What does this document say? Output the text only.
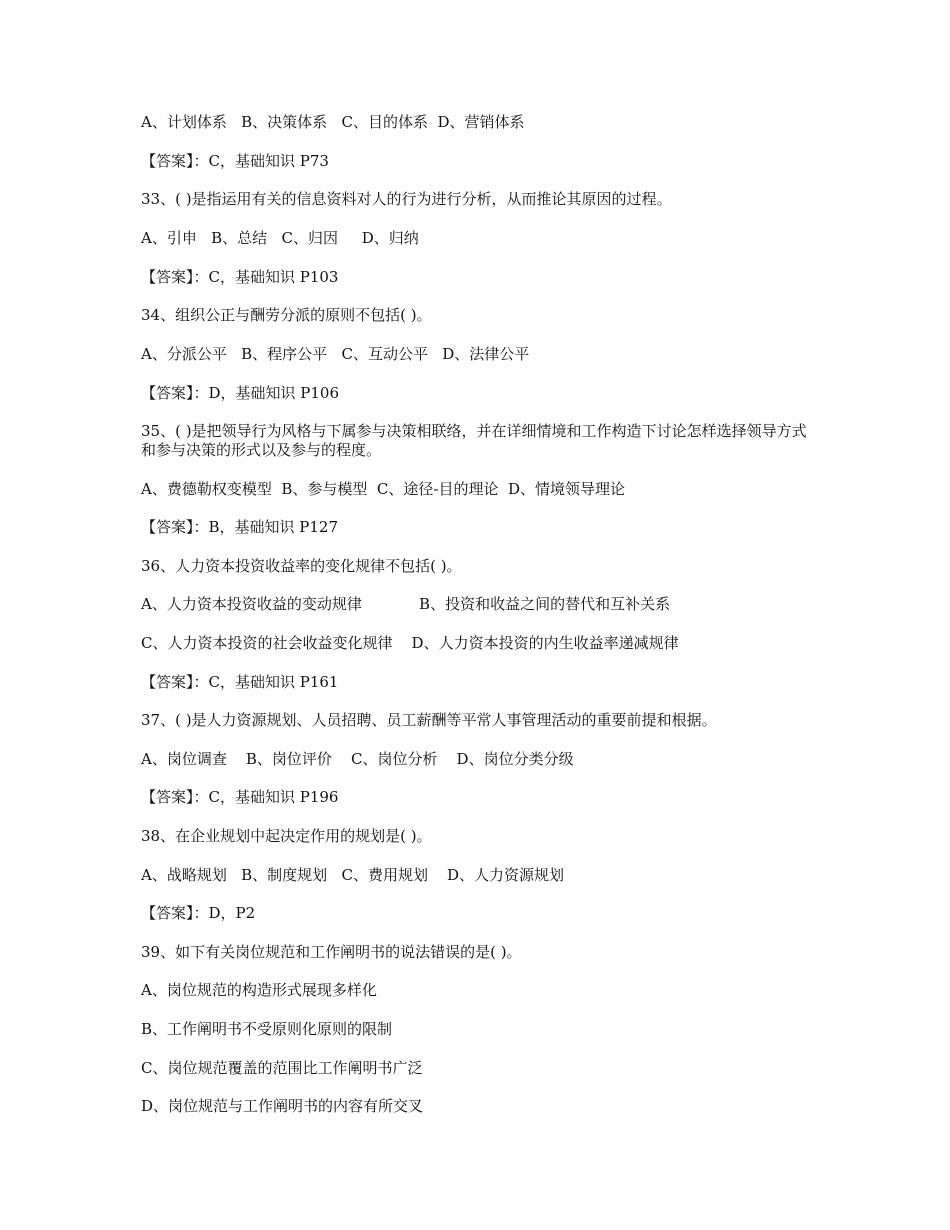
A、计划体系   B、决策体系   C、目的体系  D、营销体系
【答案】：C，基础知识 P73
33、( )是指运用有关的信息资料对人的行为进行分析，从而推论其原因的过程。
A、引申   B、总结   C、归因     D、归纳
【答案】：C，基础知识 P103
34、组织公正与酬劳分派的原则不包括( )。
A、分派公平   B、程序公平   C、互动公平   D、法律公平
【答案】：D，基础知识 P106
35、( )是把领导行为风格与下属参与决策相联络，并在详细情境和工作构造下讨论怎样选择领导方式和参与决策的形式以及参与的程度。
A、费德勒权变模型  B、参与模型  C、途径-目的理论  D、情境领导理论
【答案】：B，基础知识 P127
36、人力资本投资收益率的变化规律不包括( )。
A、人力资本投资收益的变动规律            B、投资和收益之间的替代和互补关系
C、人力资本投资的社会收益变化规律    D、人力资本投资的内生收益率递减规律
【答案】：C，基础知识 P161
37、( )是人力资源规划、人员招聘、员工薪酬等平常人事管理活动的重要前提和根据。
A、岗位调查    B、岗位评价    C、岗位分析    D、岗位分类分级
【答案】：C，基础知识 P196
38、在企业规划中起决定作用的规划是( )。
A、战略规划   B、制度规划   C、费用规划    D、人力资源规划
【答案】：D，P2
39、如下有关岗位规范和工作阐明书的说法错误的是( )。
A、岗位规范的构造形式展现多样化
B、工作阐明书不受原则化原则的限制
C、岗位规范覆盖的范围比工作阐明书广泛
D、岗位规范与工作阐明书的内容有所交叉
